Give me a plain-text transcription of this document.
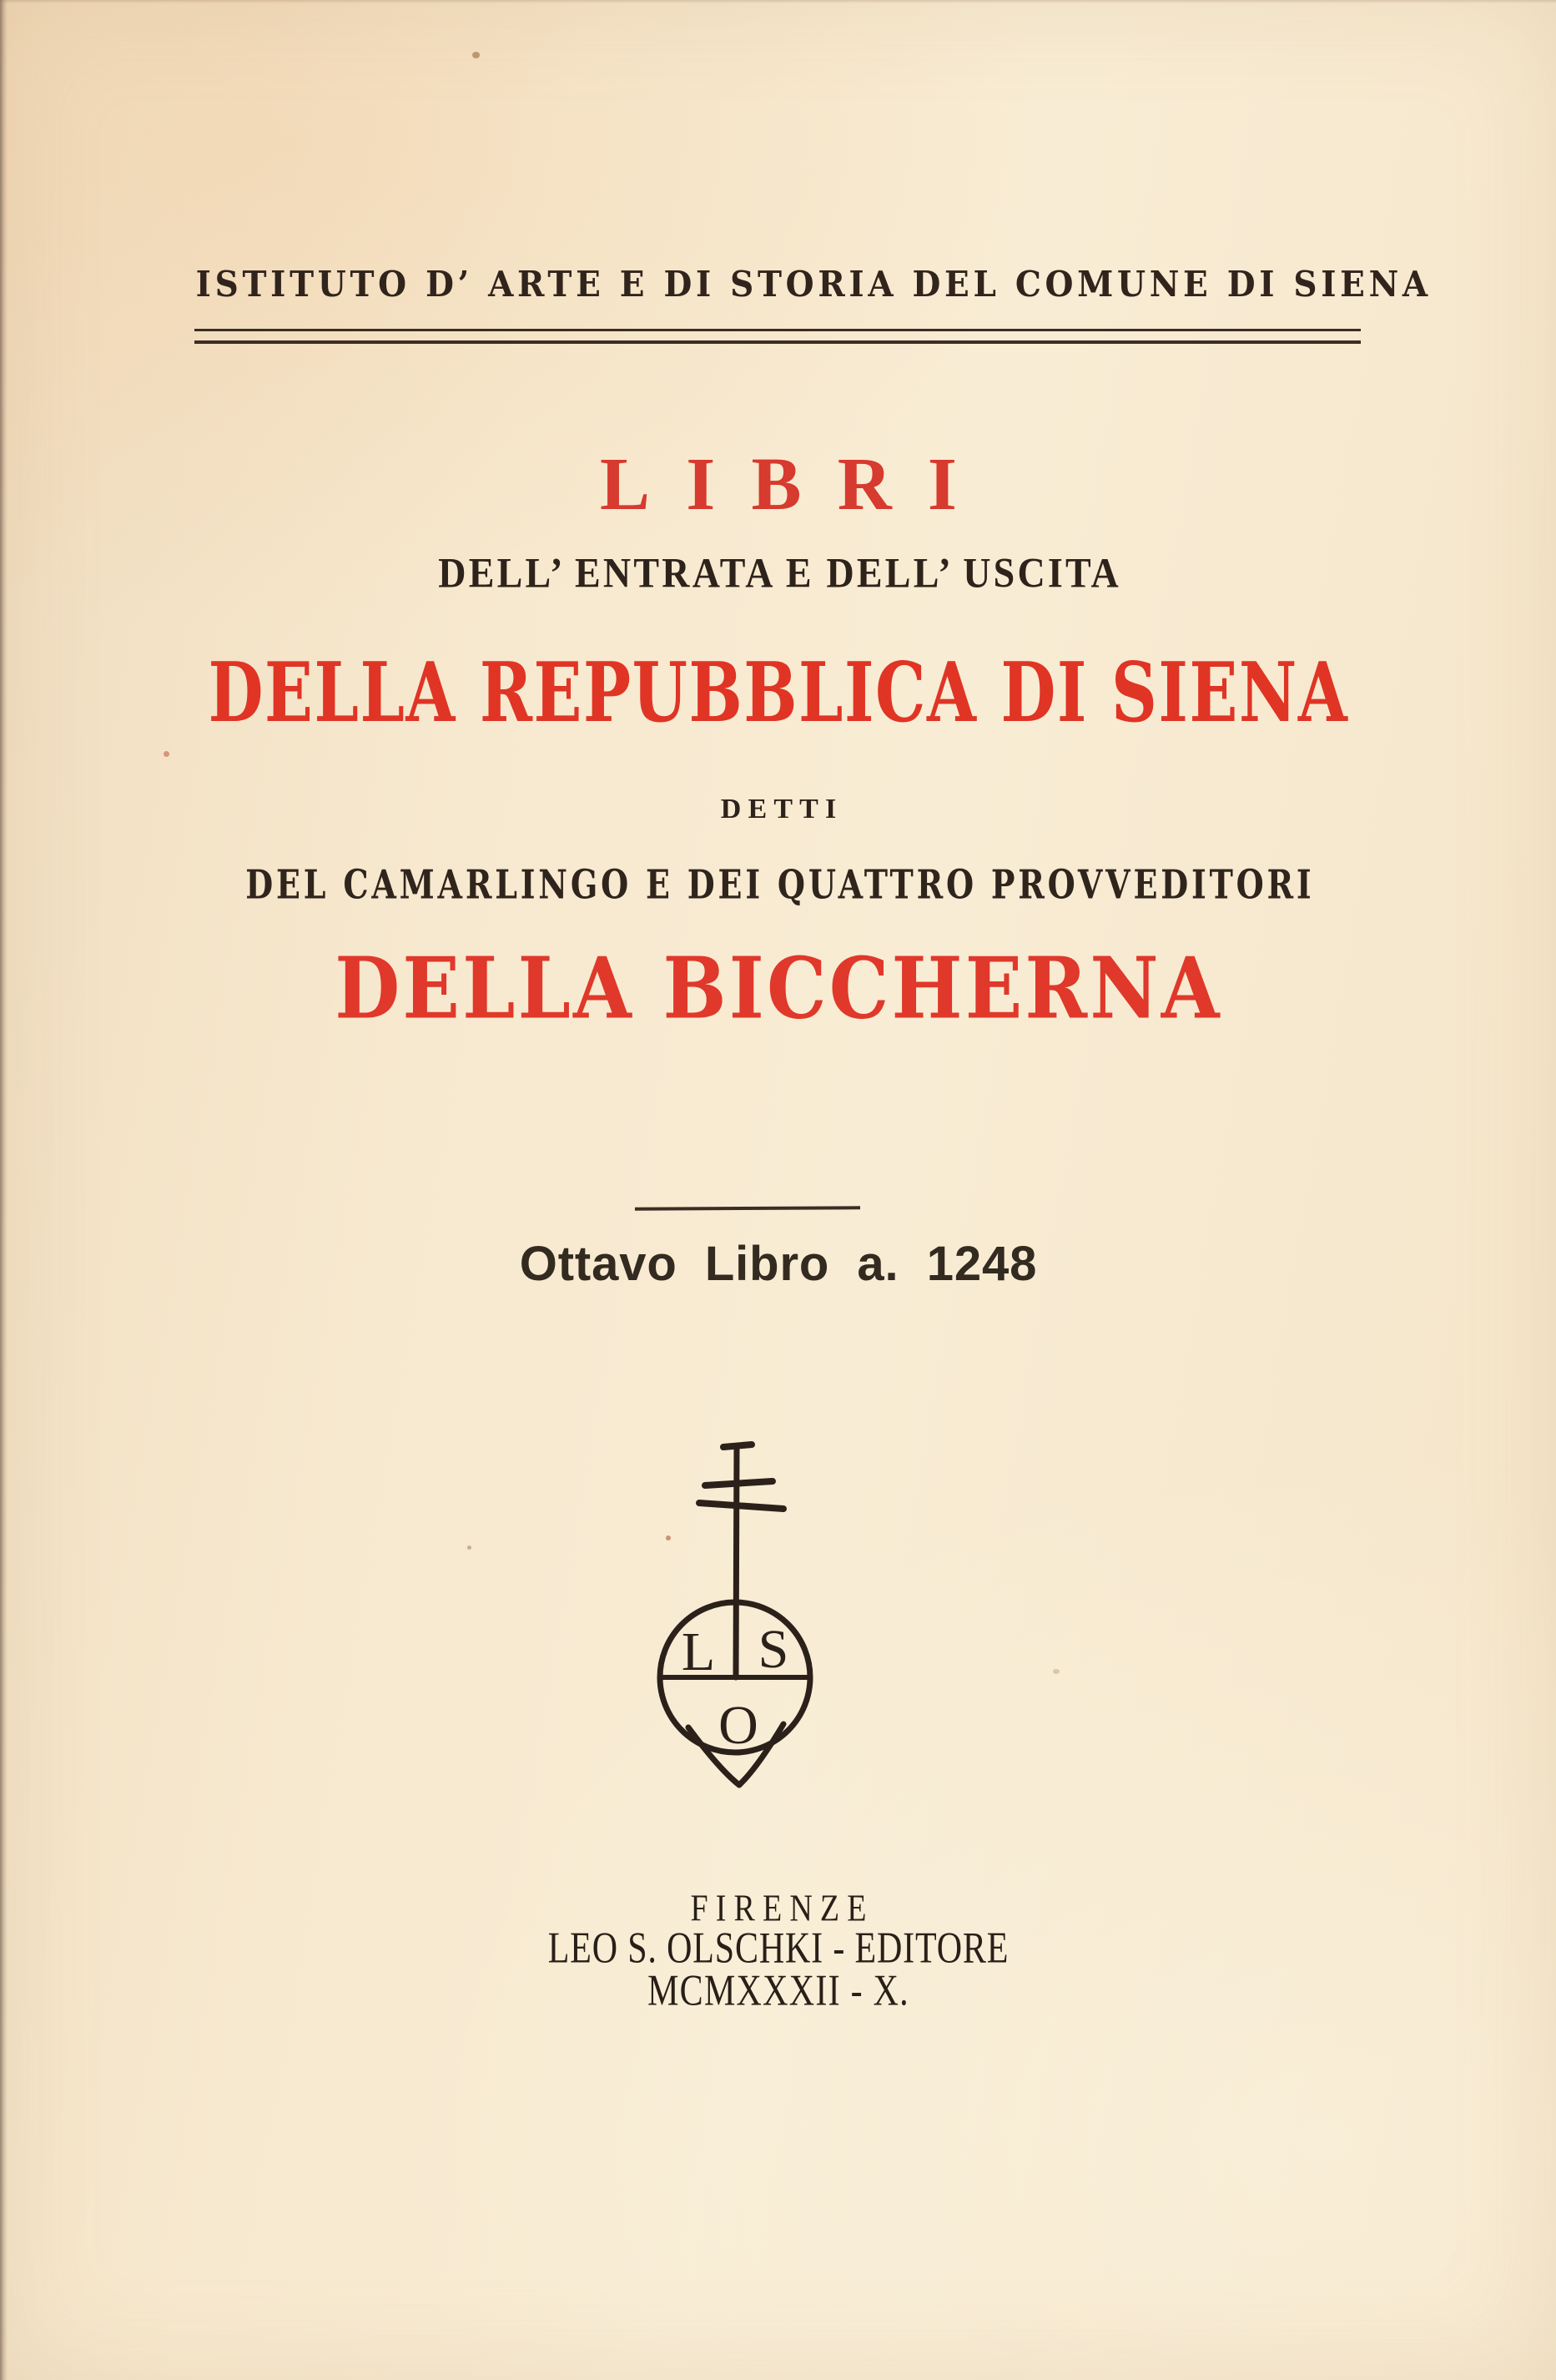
ISTITUTO D’ ARTE E DI STORIA DEL COMUNE DI SIENA
LIBRI
DELL’ ENTRATA E DELL’ USCITA
DELLA REPUBBLICA DI SIENA
DETTI
DEL CAMARLINGO E DEI QUATTRO PROVVEDITORI
DELLA BICCHERNA
Ottavo Libro a. 1248
L S
O
FIRENZE
LEO S. OLSCHKI - EDITORE
MCMXXXII - X.
